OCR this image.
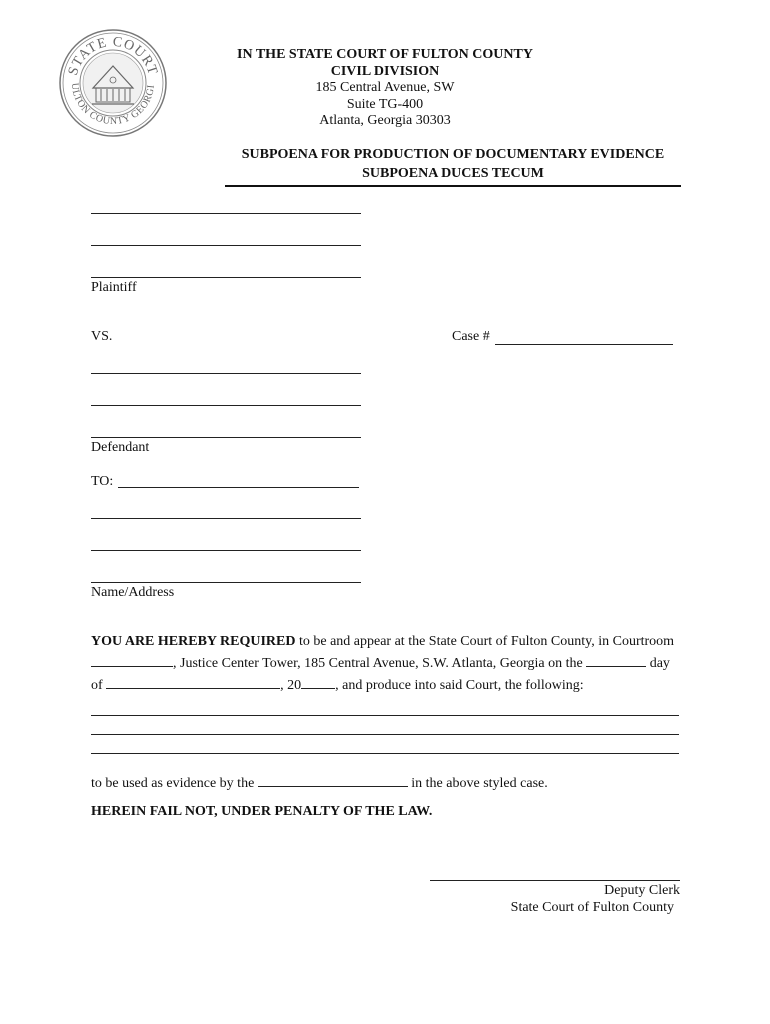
STATE COURT
ULTON COUNTY GEORGI
IN THE STATE COURT OF FULTON COUNTY
CIVIL DIVISION
185 Central Avenue, SW
Suite TG-400
Atlanta, Georgia 30303
SUBPOENA FOR PRODUCTION OF DOCUMENTARY EVIDENCE
SUBPOENA DUCES TECUM
Plaintiff
VS.	Case #
Defendant
TO:
Name/Address
YOU ARE HEREBY REQUIRED to be and appear at the State Court of Fulton County, in Courtroom
, Justice Center Tower, 185 Central Avenue, S.W. Atlanta, Georgia on the	day
of	, 20 , and produce into said Court, the following:
to be used as evidence by the	in the above styled case.
HEREIN FAIL NOT, UNDER PENALTY OF THE LAW.
Deputy Clerk
State Court of Fulton County
